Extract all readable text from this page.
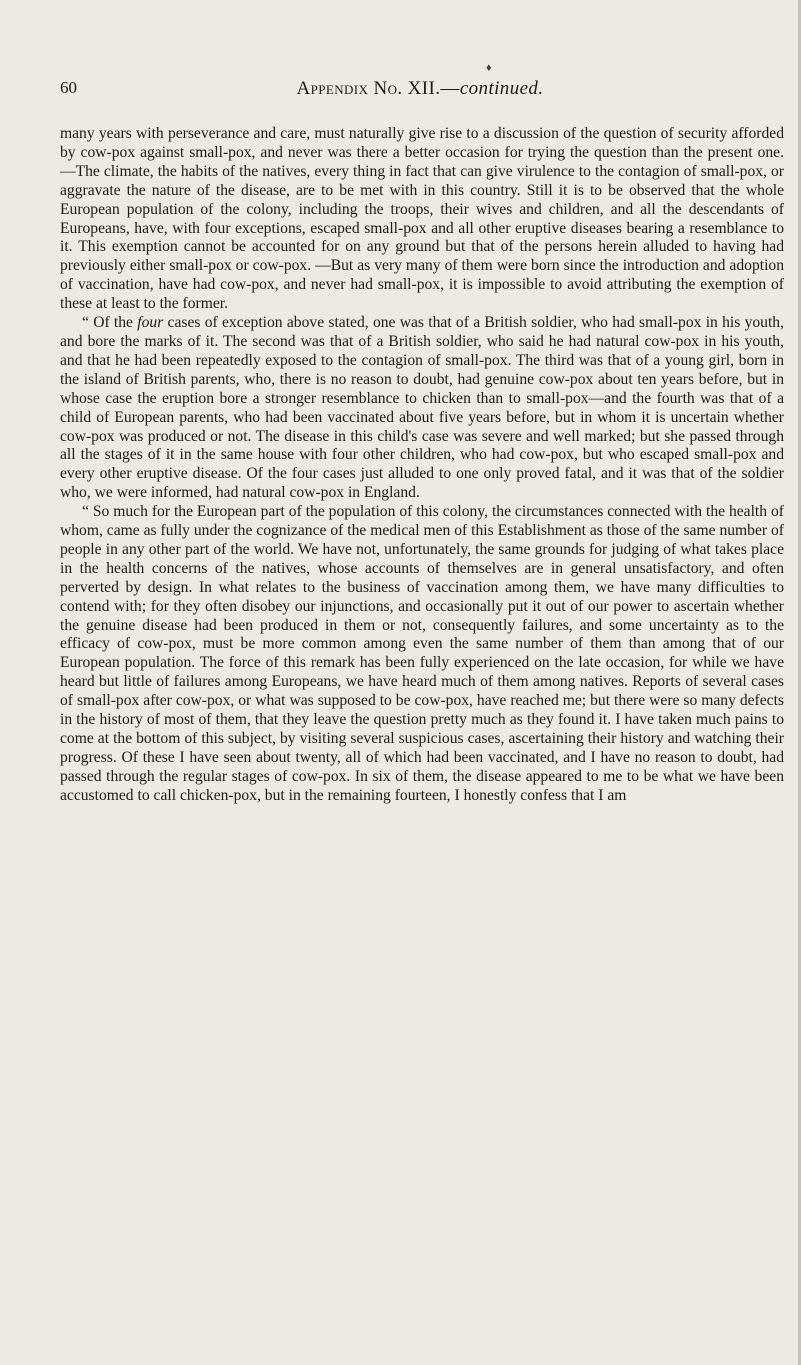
♦
60	Appendix No. XII.—continued.

many years with perseverance and care, must naturally give rise to a discussion of the question of security afforded by cow-pox against small-pox, and never was there a better occasion for trying the question than the present one. —The climate, the habits of the natives, every thing in fact that can give virulence to the contagion of small-pox, or aggravate the nature of the disease, are to be met with in this country. Still it is to be observed that the whole European population of the colony, including the troops, their wives and children, and all the descendants of Europeans, have, with four exceptions, escaped small-pox and all other eruptive diseases bearing a resemblance to it. This exemption cannot be accounted for on any ground but that of the persons herein alluded to having had previously either small-pox or cow-pox. —But as very many of them were born since the introduction and adoption of vaccination, have had cow-pox, and never had small-pox, it is impossible to avoid attributing the exemption of these at least to the former.

“ Of the four cases of exception above stated, one was that of a British soldier, who had small-pox in his youth, and bore the marks of it. The second was that of a British soldier, who said he had natural cow-pox in his youth, and that he had been repeatedly exposed to the contagion of small-pox. The third was that of a young girl, born in the island of British parents, who, there is no reason to doubt, had genuine cow-pox about ten years before, but in whose case the eruption bore a stronger resemblance to chicken than to small-pox—and the fourth was that of a child of European parents, who had been vaccinated about five years before, but in whom it is uncertain whether cow-pox was produced or not. The disease in this child's case was severe and well marked; but she passed through all the stages of it in the same house with four other children, who had cow-pox, but who escaped small-pox and every other eruptive disease. Of the four cases just alluded to one only proved fatal, and it was that of the soldier who, we were informed, had natural cow-pox in England.

“ So much for the European part of the population of this colony, the circumstances connected with the health of whom, came as fully under the cognizance of the medical men of this Establishment as those of the same number of people in any other part of the world. We have not, unfortunately, the same grounds for judging of what takes place in the health concerns of the natives, whose accounts of themselves are in general unsatisfactory, and often perverted by design. In what relates to the business of vaccination among them, we have many difficulties to contend with; for they often disobey our injunctions, and occasionally put it out of our power to ascertain whether the genuine disease had been produced in them or not, consequently failures, and some uncertainty as to the efficacy of cow-pox, must be more common among even the same number of them than among that of our European population. The force of this remark has been fully experienced on the late occasion, for while we have heard but little of failures among Europeans, we have heard much of them among natives. Reports of several cases of small-pox after cow-pox, or what was supposed to be cow-pox, have reached me; but there were so many defects in the history of most of them, that they leave the question pretty much as they found it. I have taken much pains to come at the bottom of this subject, by visiting several suspicious cases, ascertaining their history and watching their progress. Of these I have seen about twenty, all of which had been vaccinated, and I have no reason to doubt, had passed through the regular stages of cow-pox. In six of them, the disease appeared to me to be what we have been accustomed to call chicken-pox, but in the remaining fourteen, I honestly confess that I am
